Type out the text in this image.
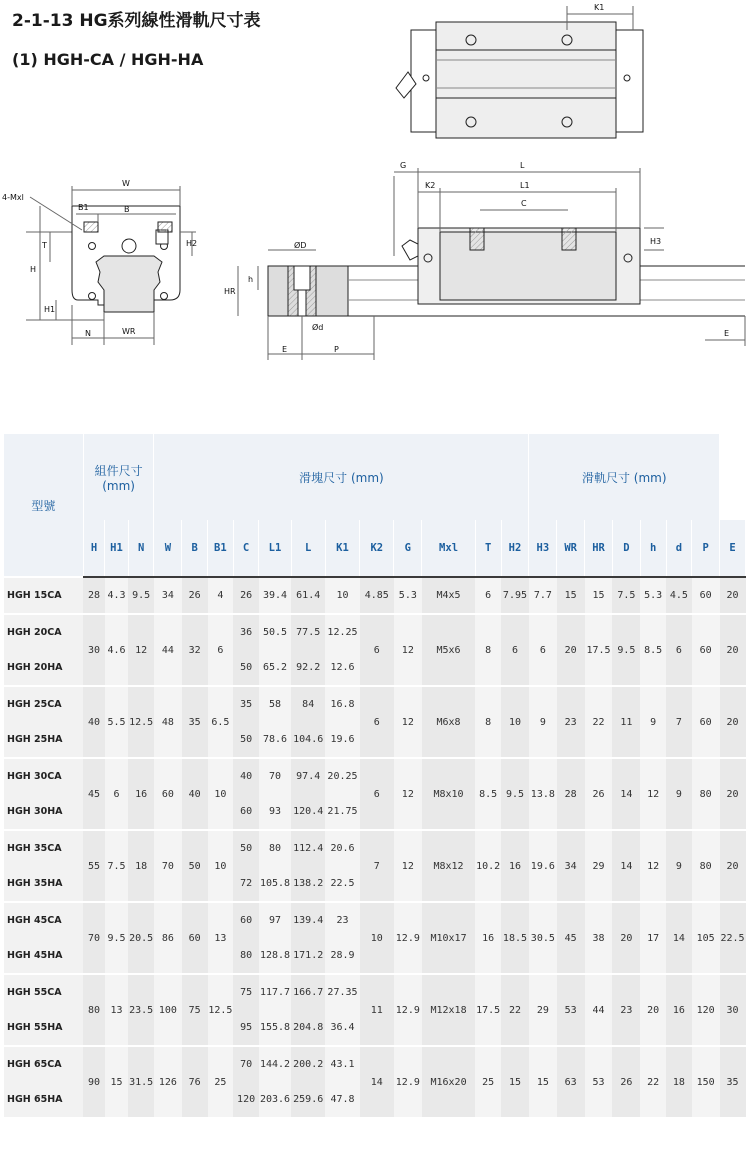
2-1-13 HG系列線性滑軌尺寸表
(1) HGH-CA / HGH-HA
K1
4-Mxl
W
B1	B
T	H2
H
H1
N	WR
ØD
h
HR
Ød
E	P
G	L
K2	L1
C
H3
E
型號	組件尺寸
(mm)			滑塊尺寸 (mm)												滑軌尺寸 (mm)							
	H	H1	N	W	B	B1	C	L1	L	K1	K2	G	Mxl	T	H2	H3	WR	HR	D	h	d	P	E
HGH 15CA	28	4.3	9.5	34	26	4	26	39.4	61.4	10	4.85	5.3	M4x5	6	7.95	7.7	15	15	7.5	5.3	4.5	60	20
HGH 20CA	30	4.6	12	44	32	6	36	50.5	77.5	12.25	6	12	M5x6	8	6	6	20	17.5	9.5	8.5	6	60	20
HGH 20HA							50	65.2	92.2	12.6													
HGH 25CA	40	5.5	12.5	48	35	6.5	35	58	84	16.8	6	12	M6x8	8	10	9	23	22	11	9	7	60	20
HGH 25HA							50	78.6	104.6	19.6													
HGH 30CA	45	6	16	60	40	10	40	70	97.4	20.25	6	12	M8x10	8.5	9.5	13.8	28	26	14	12	9	80	20
HGH 30HA							60	93	120.4	21.75													
HGH 35CA	55	7.5	18	70	50	10	50	80	112.4	20.6	7	12	M8x12	10.2	16	19.6	34	29	14	12	9	80	20
HGH 35HA							72	105.8	138.2	22.5													
HGH 45CA	70	9.5	20.5	86	60	13	60	97	139.4	23	10	12.9	M10x17	16	18.5	30.5	45	38	20	17	14	105	22.5
HGH 45HA							80	128.8	171.2	28.9													
HGH 55CA	80	13	23.5	100	75	12.5	75	117.7	166.7	27.35	11	12.9	M12x18	17.5	22	29	53	44	23	20	16	120	30
HGH 55HA							95	155.8	204.8	36.4													
HGH 65CA	90	15	31.5	126	76	25	70	144.2	200.2	43.1	14	12.9	M16x20	25	15	15	63	53	26	22	18	150	35
HGH 65HA							120	203.6	259.6	47.8													
